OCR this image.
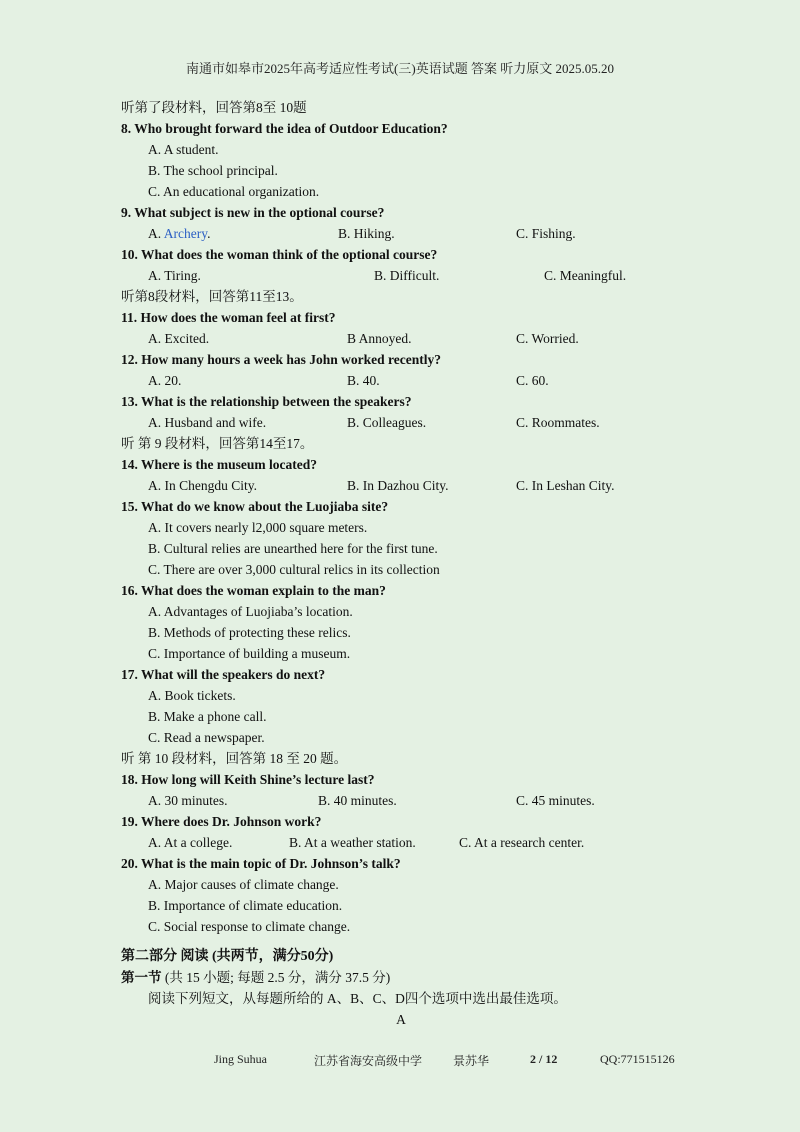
南通市如皋市2025年高考适应性考试(三)英语试题 答案 听力原文 2025.05.20
听第了段材料，回答第8至 10题
8. Who brought forward the idea of Outdoor Education?
A. A student.
B. The school principal.
C. An educational organization.
9. What subject is new in the optional course?
A. Archery.	B. Hiking.	C. Fishing.
10. What does the woman think of the optional course?
A. Tiring.	B. Difficult.	C. Meaningful.
听第8段材料，回答第11至13。
11. How does the woman feel at first?
A. Excited.	B Annoyed.	C. Worried.
12. How many hours a week has John worked recently?
A. 20.	B. 40.	C. 60.
13. What is the relationship between the speakers?
A. Husband and wife.	B. Colleagues.	C. Roommates.
听 第 9 段材料，回答第14至17。
14. Where is the museum located?
A. In Chengdu City.	B. In Dazhou City.	C. In Leshan City.
15. What do we know about the Luojiaba site?
A. It covers nearly l2,000 square meters.
B. Cultural relies are unearthed here for the first tune.
C. There are over 3,000 cultural relics in its collection
16. What does the woman explain to the man?
A. Advantages of Luojiaba’s location.
B. Methods of protecting these relics.
C. Importance of building a museum.
17. What will the speakers do next?
A. Book tickets.
B. Make a phone call.
C. Read a newspaper.
听 第 10 段材料，回答第 18 至 20 题。
18. How long will Keith Shine’s lecture last?
A. 30 minutes.	B. 40 minutes.	C. 45 minutes.
19. Where does Dr. Johnson work?
A. At a college.	B. At a weather station.	C. At a research center.
20. What is the main topic of Dr. Johnson’s talk?
A. Major causes of climate change.
B. Importance of climate education.
C. Social response to climate change.
第二部分 阅读 (共两节，满分50分)
第一节 (共 15 小题; 每题 2.5 分，满分 37.5 分)
阅读下列短文，从每题所给的 A、B、C、D四个选项中选出最佳选项。
A
Jing Suhua	江苏省海安高级中学	景苏华	2 / 12	QQ:771515126
